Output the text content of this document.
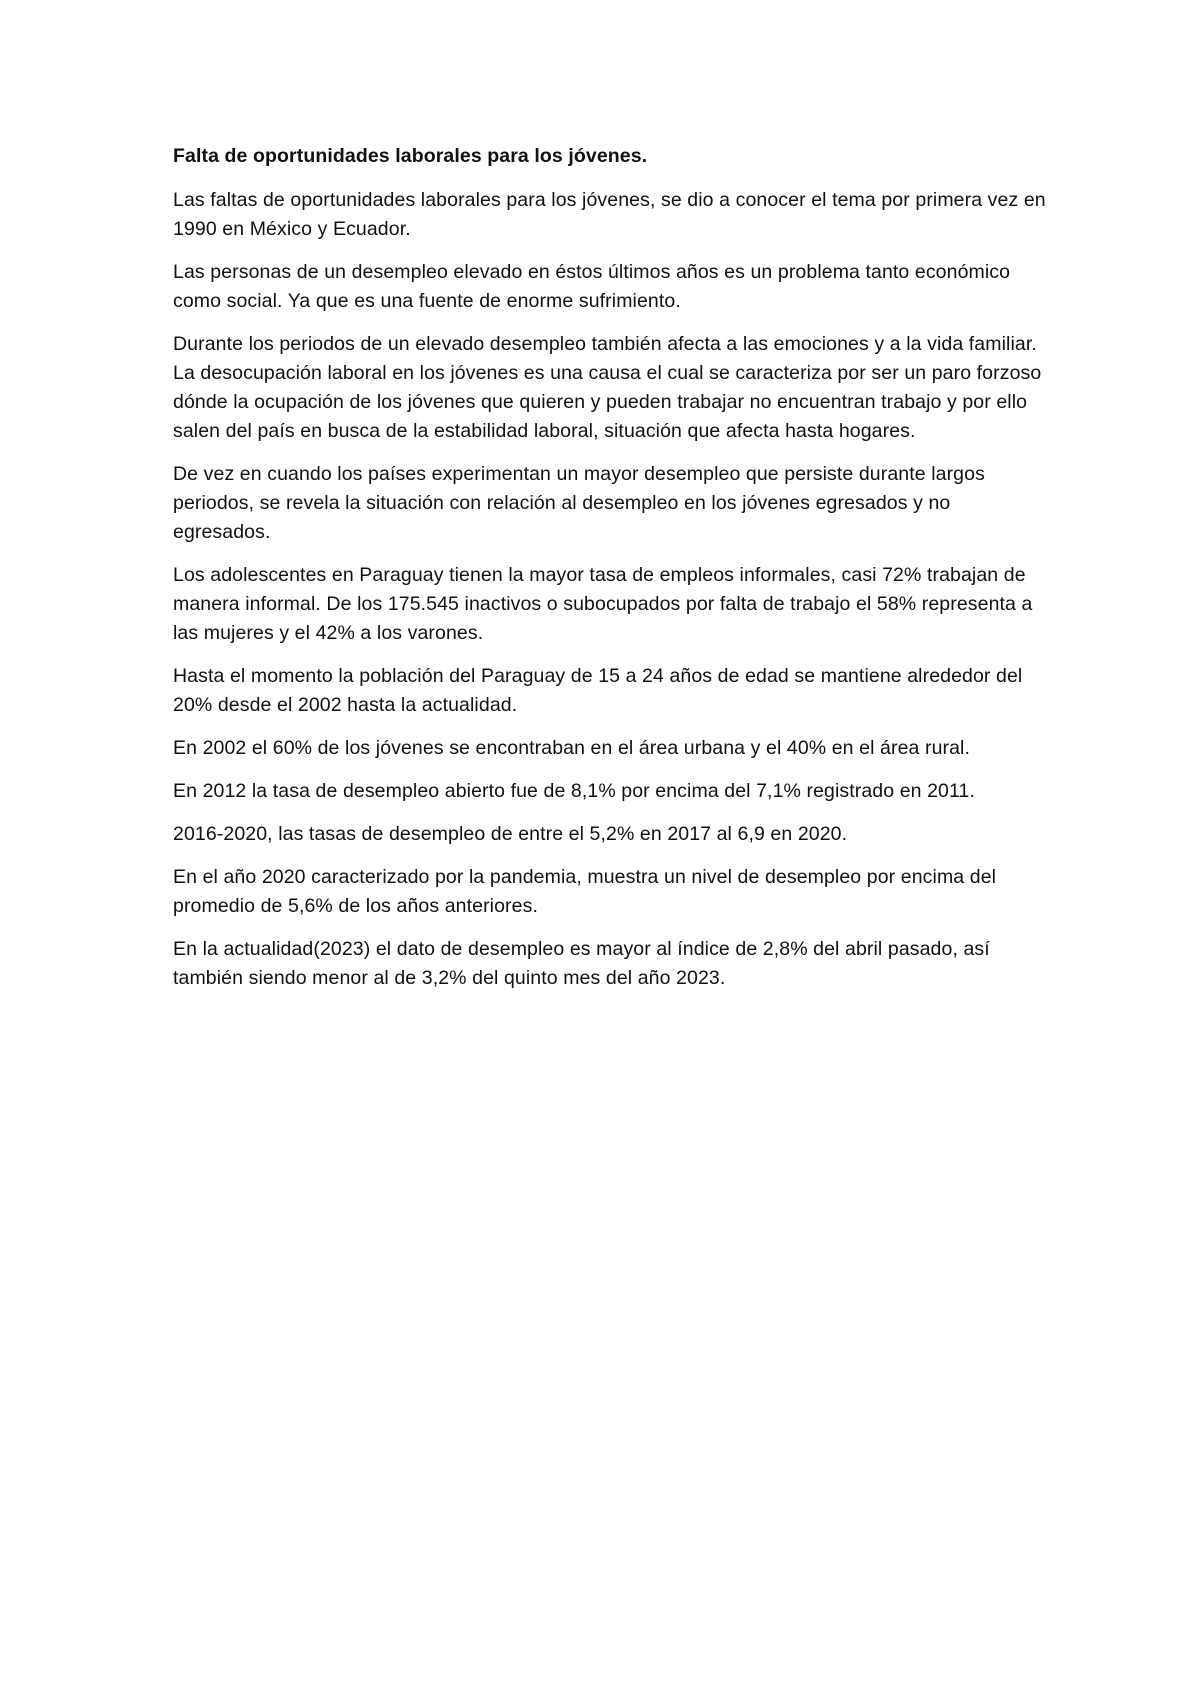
Falta de oportunidades laborales para los jóvenes.

Las faltas de oportunidades laborales para los jóvenes, se dio a conocer el tema por primera vez en 1990 en México y Ecuador.

Las personas de un desempleo elevado en éstos últimos años es un problema tanto económico como social. Ya que es una fuente de enorme sufrimiento.

Durante los periodos de un elevado desempleo también afecta a las emociones y a la vida familiar. La desocupación laboral en los jóvenes es una causa el cual se caracteriza por ser un paro forzoso dónde la ocupación de los jóvenes que quieren y pueden trabajar no encuentran trabajo y por ello salen del país en busca de la estabilidad laboral, situación que afecta hasta hogares.

De vez en cuando los países experimentan un mayor desempleo que persiste durante largos periodos, se revela la situación con relación al desempleo en los jóvenes egresados y no egresados.

Los adolescentes en Paraguay tienen la mayor tasa de empleos informales, casi 72% trabajan de manera informal. De los 175.545 inactivos o subocupados por falta de trabajo el 58% representa a las mujeres y el 42% a los varones.

Hasta el momento la población del Paraguay de 15 a 24 años de edad se mantiene alrededor del 20% desde el 2002 hasta la actualidad.

En 2002 el 60% de los jóvenes se encontraban en el área urbana y el 40% en el área rural.

En 2012 la tasa de desempleo abierto fue de 8,1% por encima del 7,1% registrado en 2011.

2016-2020, las tasas de desempleo de entre el 5,2% en 2017 al 6,9 en 2020.

En el año 2020 caracterizado por la pandemia, muestra un nivel de desempleo por encima del promedio de 5,6% de los años anteriores.

En la actualidad(2023) el dato de desempleo es mayor al índice de 2,8% del abril pasado, así también siendo menor al de 3,2% del quinto mes del año 2023.
